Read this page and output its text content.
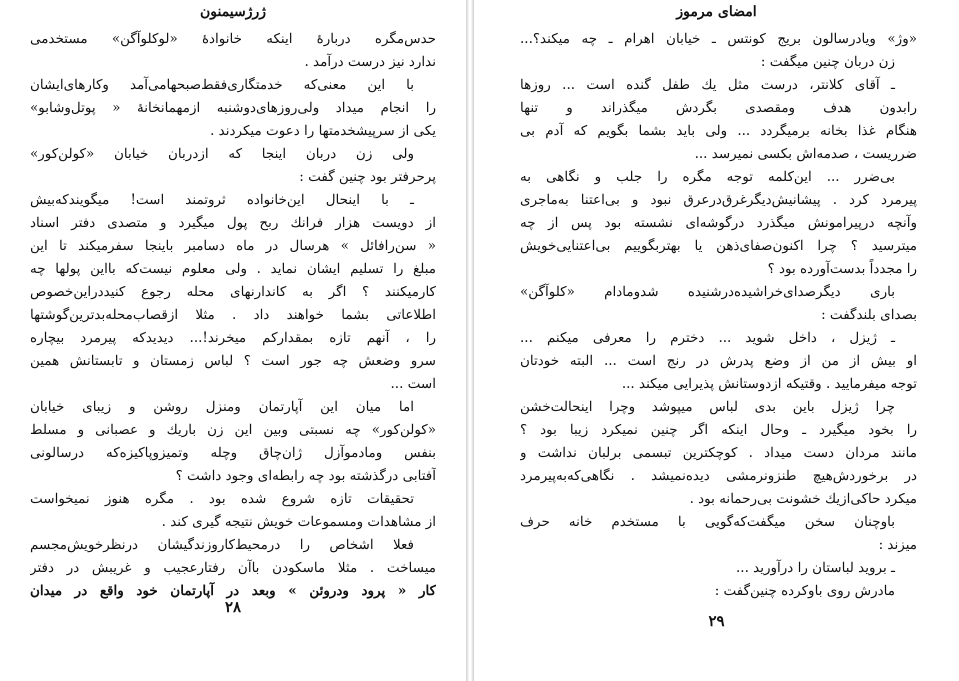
ژرژسیمنون
حدس‌مگره دربارهٔ اینکه خانوادهٔ «لوکلوآگن» مستخدمی
ندارد نیز درست درآمد .
با این معنی‌که خدمتگاری‌فقط‌صبحها‌می‌آمد وکارهای‌ایشان
را انجام میداد ولی‌روزهای‌دوشنبه ازمهمانخانهٔ « پوتل‌وشا‌بو»
یکی از سرپیشخدمتها را دعوت میکردند .
ولی زن دربان اینجا که ازدربان خیابان «کولن‌کور»
پرحرفتر بود چنین گفت :
ـ با اینحال این‌خانواده ثروتمند است! میگویند‌که‌بیش
از دویست هزار فرانك ربح پول میگیرد و متصدی دفتر اسناد
« سن‌رافائل » هرسال در ماه دسامبر باینجا سفرمیکند تا این
مبلغ را تسلیم ایشان نماید . ولی معلوم نیست‌که بااین پولها چه
کارمیکنند ؟ اگر به کاندارنهای محله رجوع کنیددراین‌خصوص
اطلاعاتی بشما خواهند داد . مثلا ازقصاب‌محله‌بدترین‌گوشتها
را ، آنهم تازه بمقدارکم میخرند!... دیدید‌که پیرمرد بیچاره
سرو وضعش چه جور است ؟ لباس زمستان و تابستانش همین
است ...
اما میان این آپارتمان ومنزل روشن و زیبای خیابان
«کولن‌کور» چه نسبتی وبین این زن باریك و عصبانی و مسلط
بنفس ومادموآزل ژان‌چاق وچله وتمیزوپاکیزه‌که درسالونی
آفتابی درگذشته بود چه رابطه‌ای وجود داشت ؟
تحقیقات تازه شروع شده بود . مگره هنوز نمیخواست
از مشاهدات ومسموعات خویش نتیجه گیری کند .
فعلا اشخاص را درمحیط‌کاروزندگیشان درنظرخویش‌مجسم
میساخت . مثلا ماسکودن باآن رفتارعجیب و غریبش در دفتر
کار « پرود ودروئن » وبعد در آپارتمان خود واقع در میدان
۲۸
امضای مرموز
«وژ» ویادرسالون بریج کونتس ـ خیابان اهرام ـ چه میکند؟...
زن دربان چنین میگفت :
ـ آقای کلانتر، درست مثل یك طفل گنده است ... روزها
رابدون هدف ومقصدی بگردش میگذراند و تنها
هنگام غذا بخانه برمیگردد ... ولی باید بشما بگویم که آدم بی
ضرریست ، صدمه‌اش بکسی نمیرسد ...
بی‌ضرر ... این‌کلمه توجه مگره را جلب و نگاهی به
پیرمرد کرد . پیشانیش‌دیگرغرق‌درعرق نبود و بی‌اعتنا به‌ماجری
وآنچه درپیرامونش میگذرد درگوشه‌ای نشسته بود پس از چه
میترسید ؟ چرا اکنون‌صفای‌ذهن یا بهتربگوییم بی‌اعتنایی‌خویش
را مجدداً بدست‌آورده بود ؟
باری دیگرصدای‌خراشیده‌درشنیده شدومادام «کلوآگن»
بصدای بلند‌گفت :
ـ ژیزل ، داخل شوید ... دخترم را معرفی میکنم ...
او بیش از من از وضع پدرش در رنج است ... البته خودتان
توجه میفرمایید . وقتیکه ازدوستانش پذیرایی میکند ...
چرا ژیزل باین بدی لباس میپوشد وچرا اینحالت‌خشن
را بخود میگیرد ـ وحال اینکه اگر چنین نمیکرد زیبا بود ؟
مانند مردان دست میداد . کوچکترین تبسمی برلبان نداشت و
در برخوردش‌هیچ طنزونرمشی دیده‌نمیشد . نگاهی‌که‌به‌پیرمرد
میکرد حاکی‌ازیك خشونت بی‌رحمانه بود .
باوچنان سخن میگفت‌که‌گویی با مستخدم خانه حرف
میزند :
ـ بروید لباستان را درآورید ...
مادرش روی باو‌کرده چنین‌گفت :
۲۹
